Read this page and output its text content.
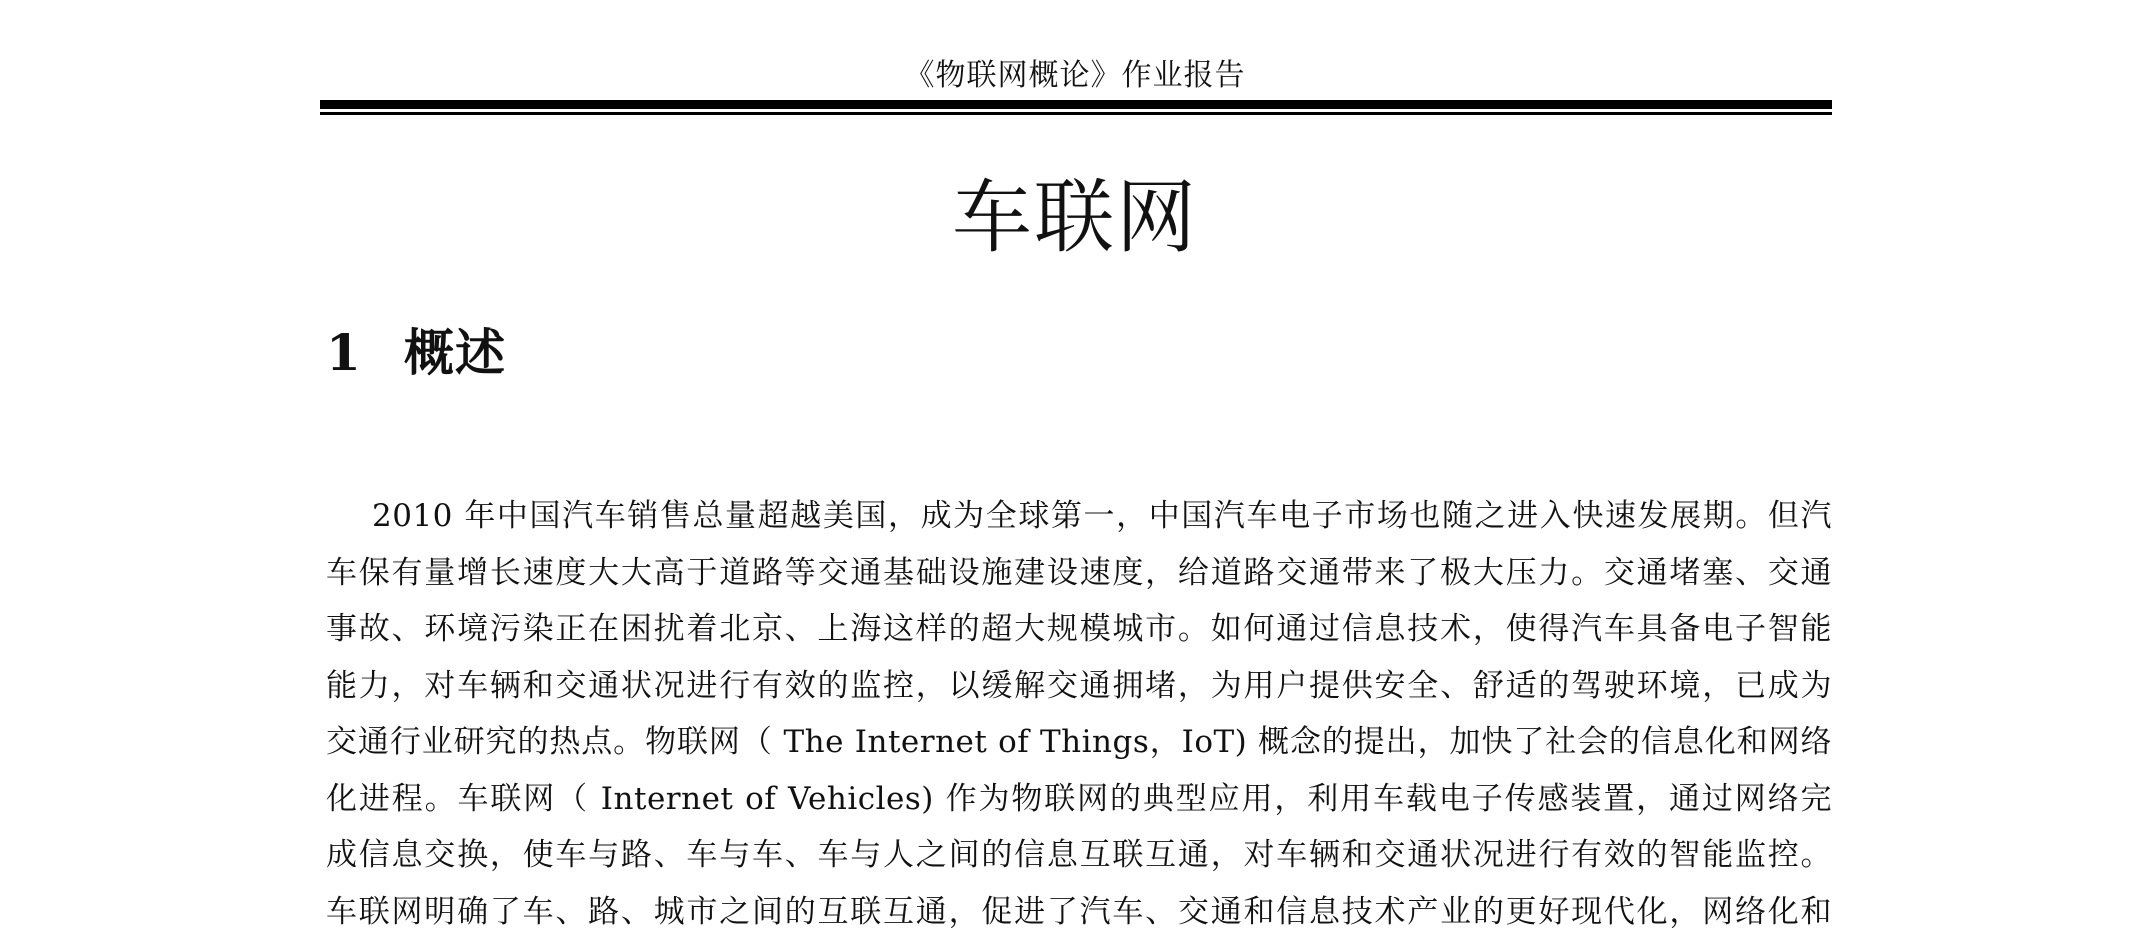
《物联网概论》作业报告
车联网
1 概述
2010 年中国汽车销售总量超越美国，成为全球第一，中国汽车电子市场也随之进入快速发展期。但汽
车保有量增长速度大大高于道路等交通基础设施建设速度，给道路交通带来了极大压力。交通堵塞、交通
事故、环境污染正在困扰着北京、上海这样的超大规模城市。如何通过信息技术，使得汽车具备电子智能
能力，对车辆和交通状况进行有效的监控，以缓解交通拥堵，为用户提供安全、舒适的驾驶环境，已成为
交通行业研究的热点。物联网（ The Internet of Things，IoT) 概念的提出，加快了社会的信息化和网络
化进程。车联网（ Internet of Vehicles) 作为物联网的典型应用，利用车载电子传感装置，通过网络完
成信息交换，使车与路、车与车、车与人之间的信息互联互通，对车辆和交通状况进行有效的智能监控。
车联网明确了车、路、城市之间的互联互通，促进了汽车、交通和信息技术产业的更好现代化，网络化和
